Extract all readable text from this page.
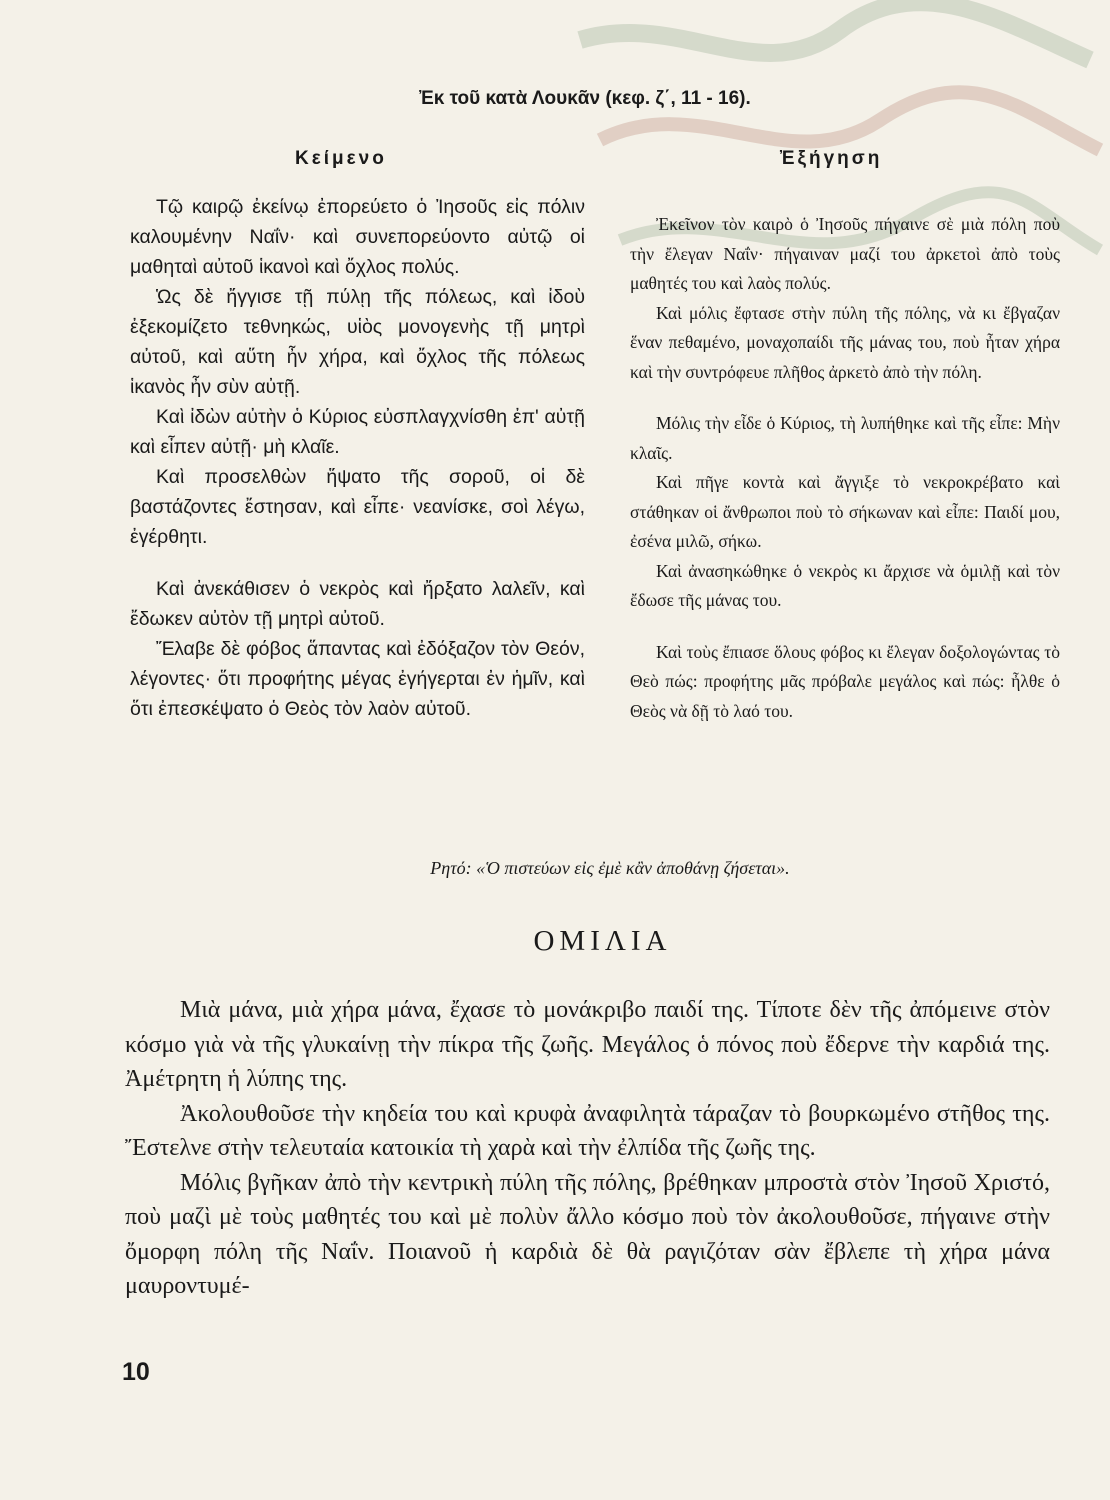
Ἐκ τοῦ κατὰ Λουκᾶν (κεφ. ζ΄, 11 - 16).
Κείμενο	Ἐξήγηση

Τῷ καιρῷ ἐκείνῳ ἐπορεύετο ὁ Ἰησοῦς εἰς πόλιν καλουμένην Ναΐν· καὶ συνεπορεύοντο αὐτῷ οἱ μαθηταὶ αὐτοῦ ἱκανοὶ καὶ ὄχλος πολύς.

Ὡς δὲ ἤγγισε τῇ πύλῃ τῆς πόλεως, καὶ ἰδοὺ ἐξεκομίζετο τεθνηκώς, υἱὸς μονογενὴς τῇ μητρὶ αὐτοῦ, καὶ αὕτη ἦν χήρα, καὶ ὄχλος τῆς πόλεως ἱκανὸς ἦν σὺν αὐτῇ.

Καὶ ἰδὼν αὐτὴν ὁ Κύριος εὐσπλαγχνίσθη ἐπ' αὐτῇ καὶ εἶπεν αὐτῇ· μὴ κλαῖε.

Καὶ προσελθὼν ἥψατο τῆς σοροῦ, οἱ δὲ βαστάζοντες ἔστησαν, καὶ εἶπε· νεανίσκε, σοὶ λέγω, ἐγέρθητι.

Καὶ ἀνεκάθισεν ὁ νεκρὸς καὶ ἤρξατο λαλεῖν, καὶ ἔδωκεν αὐτὸν τῇ μητρὶ αὐτοῦ.

Ἔλαβε δὲ φόβος ἅπαντας καὶ ἐδόξαζον τὸν Θεόν, λέγοντες· ὅτι προφήτης μέγας ἐγήγερται ἐν ἡμῖν, καὶ ὅτι ἐπεσκέψατο ὁ Θεὸς τὸν λαὸν αὐτοῦ.

Ἐκεῖνον τὸν καιρὸ ὁ Ἰησοῦς πήγαινε σὲ μιὰ πόλη ποὺ τὴν ἔλεγαν Ναΐν· πήγαιναν μαζί του ἀρκετοὶ ἀπὸ τοὺς μαθητές του καὶ λαὸς πολύς.

Καὶ μόλις ἔφτασε στὴν πύλη τῆς πόλης, νὰ κι ἔβγαζαν ἕναν πεθαμένο, μοναχοπαίδι τῆς μάνας του, ποὺ ἦταν χήρα καὶ τὴν συντρόφευε πλῆθος ἀρκετὸ ἀπὸ τὴν πόλη.

Μόλις τὴν εἶδε ὁ Κύριος, τὴ λυπήθηκε καὶ τῆς εἶπε: Μὴν κλαῖς.

Καὶ πῆγε κοντὰ καὶ ἄγγιξε τὸ νεκροκρέβατο καὶ στάθηκαν οἱ ἄνθρωποι ποὺ τὸ σήκωναν καὶ εἶπε: Παιδί μου, ἐσένα μιλῶ, σήκω.

Καὶ ἀνασηκώθηκε ὁ νεκρὸς κι ἄρχισε νὰ ὁμιλῇ καὶ τὸν ἔδωσε τῆς μάνας του.

Καὶ τοὺς ἔπιασε ὅλους φόβος κι ἔλεγαν δοξολογώντας τὸ Θεὸ πώς: προφήτης μᾶς πρόβαλε μεγάλος καὶ πώς: ἦλθε ὁ Θεὸς νὰ δῇ τὸ λαό του.

Ρητό: «Ὁ πιστεύων εἰς ἐμὲ κἂν ἀποθάνῃ ζήσεται».
ΟΜΙΛΙΑ

Μιὰ μάνα, μιὰ χήρα μάνα, ἔχασε τὸ μονάκριβο παιδί της. Τίποτε δὲν τῆς ἀπόμεινε στὸν κόσμο γιὰ νὰ τῆς γλυκαίνῃ τὴν πίκρα τῆς ζωῆς. Μεγάλος ὁ πόνος ποὺ ἔδερνε τὴν καρδιά της. Ἀμέτρητη ἡ λύπης της.

Ἀκολουθοῦσε τὴν κηδεία του καὶ κρυφὰ ἀναφιλητὰ τάραζαν τὸ βουρκωμένο στῆθος της. Ἔστελνε στὴν τελευταία κατοικία τὴ χαρὰ καὶ τὴν ἐλπίδα τῆς ζωῆς της.

Μόλις βγῆκαν ἀπὸ τὴν κεντρικὴ πύλη τῆς πόλης, βρέθηκαν μπροστὰ στὸν Ἰησοῦ Χριστό, ποὺ μαζὶ μὲ τοὺς μαθητές του καὶ μὲ πολὺν ἄλλο κόσμο ποὺ τὸν ἀκολουθοῦσε, πήγαινε στὴν ὄμορφη πόλη τῆς Ναΐν. Ποιανοῦ ἡ καρδιὰ δὲ θὰ ραγιζόταν σὰν ἔβλεπε τὴ χήρα μάνα μαυροντυμέ-

10
